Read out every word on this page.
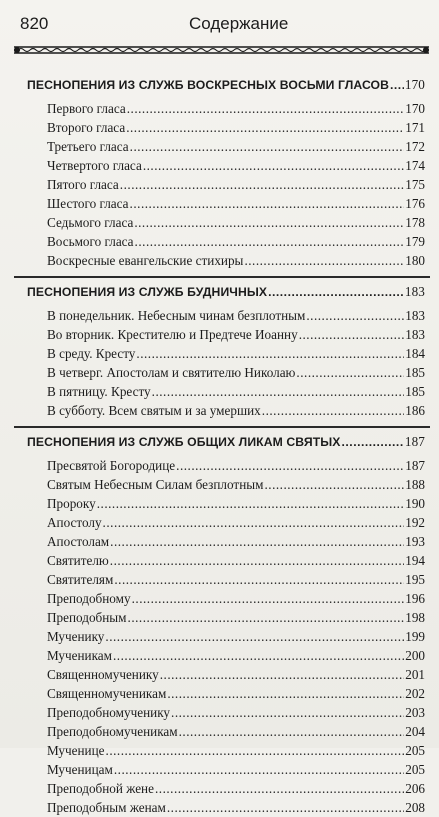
820	Содержание
ПЕСНОПЕНИЯ ИЗ СЛУЖБ ВОСКРЕСНЫХ ВОСЬМИ ГЛАСОВ ..... 170
Первого гласа .....	170
Второго гласа .....	171
Третьего гласа .....	172
Четвертого гласа .....	174
Пятого гласа .....	175
Шестого гласа .....	176
Седьмого гласа .....	178
Восьмого гласа .....	179
Воскресные евангельские стихиры .....	180
ПЕСНОПЕНИЯ ИЗ СЛУЖБ БУДНИЧНЫХ .....	183
В понедельник. Небесным чинам безплотным .....	183
Во вторник. Крестителю и Предтече Иоанну .....	183
В среду. Кресту .....	184
В четверг. Апостолам и святителю Николаю .....	185
В пятницу. Кресту .....	185
В субботу. Всем святым и за умерших .....	186
ПЕСНОПЕНИЯ ИЗ СЛУЖБ ОБЩИХ ЛИКАМ СВЯТЫХ .....	187
Пресвятой Богородице .....	187
Святым Небесным Силам безплотным .....	188
Пророку .....	190
Апостолу .....	192
Апостолам .....	193
Святителю .....	194
Святителям .....	195
Преподобному .....	196
Преподобным .....	198
Мученику .....	199
Мученикам .....	200
Священномученику .....	201
Священномученикам .....	202
Преподобномученику .....	203
Преподобномученикам .....	204
Мученице .....	205
Мученицам .....	205
Преподобной жене .....	206
Преподобным женам .....	208
